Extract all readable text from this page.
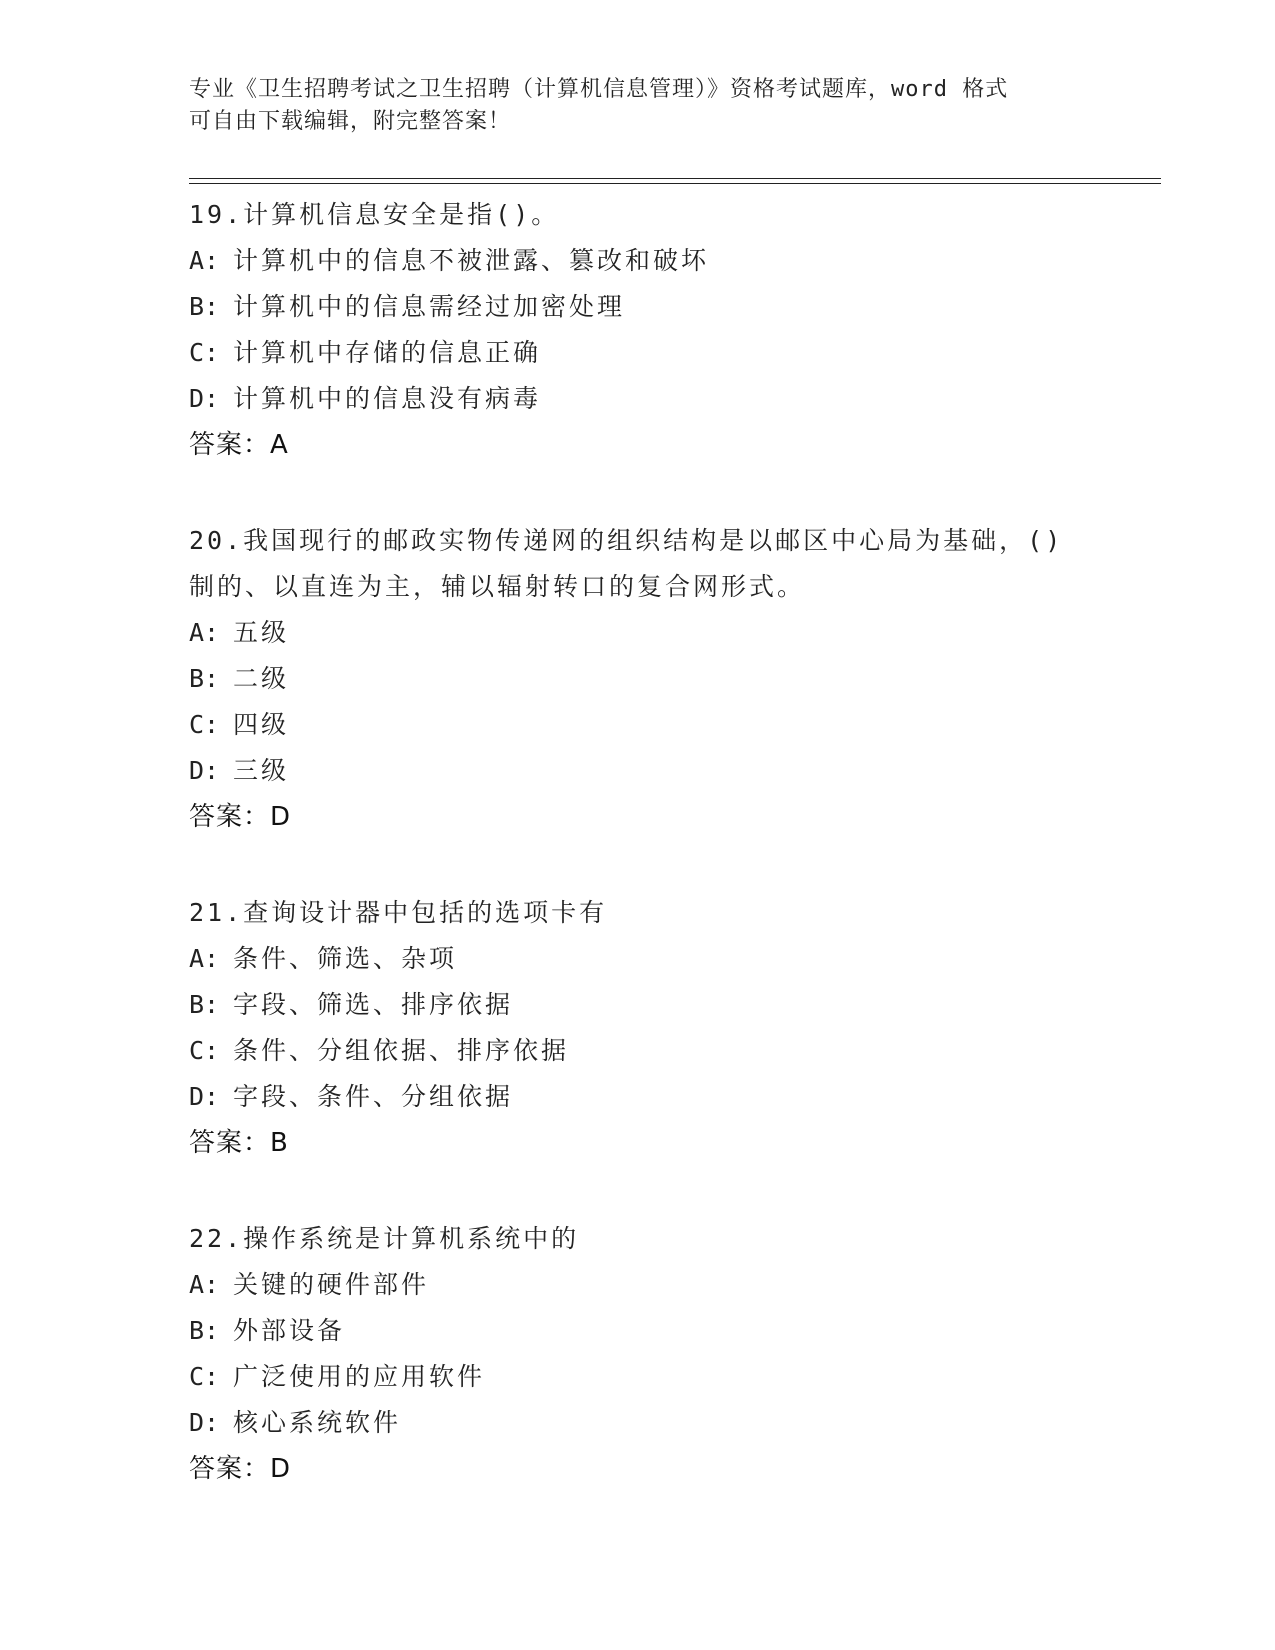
专业《卫生招聘考试之卫生招聘（计算机信息管理）》资格考试题库，word 格式
可自由下载编辑，附完整答案！
19.计算机信息安全是指()。
A: 计算机中的信息不被泄露、篡改和破坏
B: 计算机中的信息需经过加密处理
C: 计算机中存储的信息正确
D: 计算机中的信息没有病毒
答案：A
20.我国现行的邮政实物传递网的组织结构是以邮区中心局为基础，()
制的、以直连为主，辅以辐射转口的复合网形式。
A: 五级
B: 二级
C: 四级
D: 三级
答案：D
21.查询设计器中包括的选项卡有
A: 条件、筛选、杂项
B: 字段、筛选、排序依据
C: 条件、分组依据、排序依据
D: 字段、条件、分组依据
答案：B
22.操作系统是计算机系统中的
A: 关键的硬件部件
B: 外部设备
C: 广泛使用的应用软件
D: 核心系统软件
答案：D
